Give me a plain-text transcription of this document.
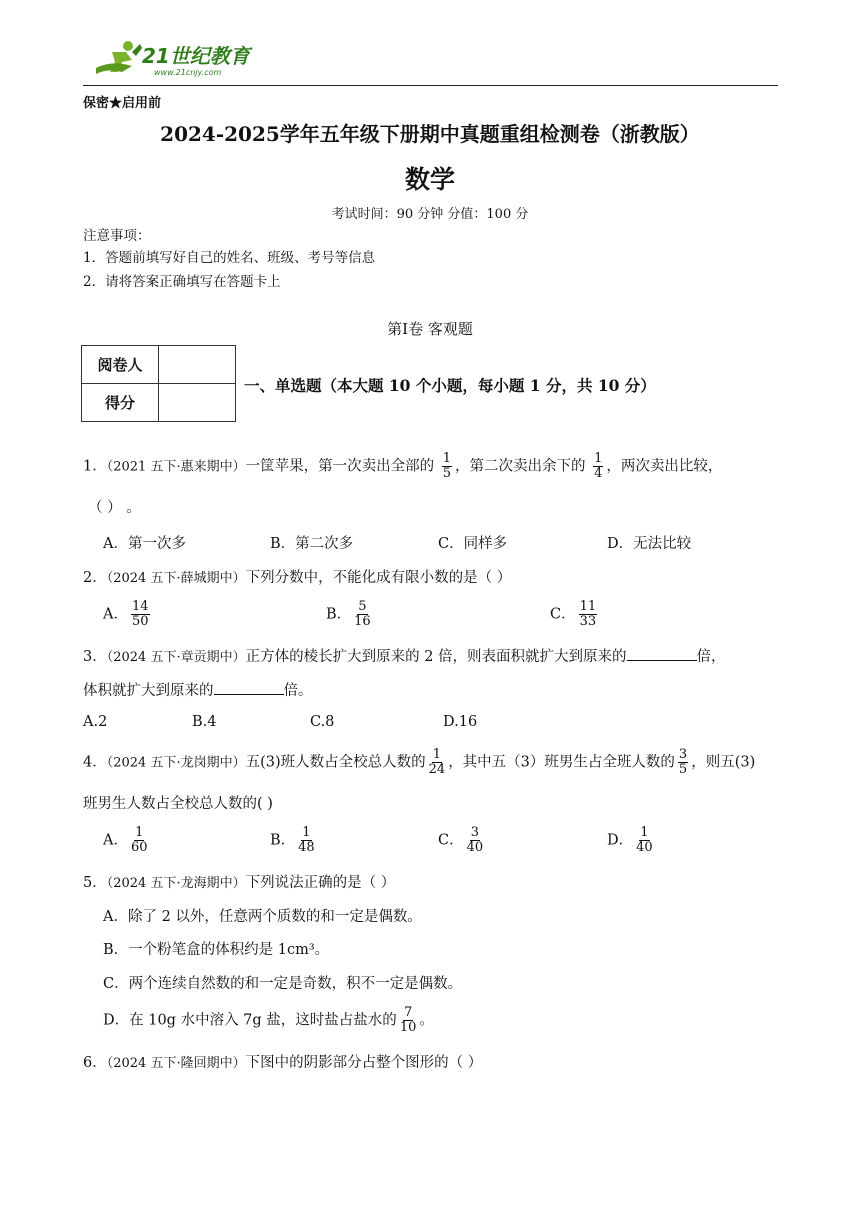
21世纪教育
www.21cnjy.com
保密★启用前
2024-2025学年五年级下册期中真题重组检测卷（浙教版）
数学
考试时间：90 分钟 分值：100 分
注意事项：
1．答题前填写好自己的姓名、班级、考号等信息
2．请将答案正确填写在答题卡上
第Ⅰ卷 客观题
阅卷人	
得分	
一、单选题（本大题 10 个小题，每小题 1 分，共 10 分）
1．（2021 五下·惠来期中）一筐苹果，第一次卖出全部的 $\frac{1}{5}$ ，第二次卖出余下的 $\frac{1}{4}$ ，两次卖出比较，
（ ） 。
A．第一次多	B．第二次多	C．同样多	D．无法比较
2．（2024 五下·薛城期中）下列分数中，不能化成有限小数的是（ ）
A． $\frac{14}{50}$	B． $\frac{5}{16}$	C． $\frac{11}{33}$
3．（2024 五下·章贡期中）正方体的棱长扩大到原来的 2 倍，则表面积就扩大到原来的	倍，
体积就扩大到原来的	倍。
A.2	B.4	C.8	D.16
4．（2024 五下·龙岗期中）五(3)班人数占全校总人数的 $\frac{1}{24}$ ，其中五（3）班男生占全班人数的 $\frac{3}{5}$ ，则五(3)
班男生人数占全校总人数的( )
A． $\frac{1}{60}$	B． $\frac{1}{48}$	C． $\frac{3}{40}$	D． $\frac{1}{40}$
5．（2024 五下·龙海期中）下列说法正确的是（ ）
A．除了 2 以外，任意两个质数的和一定是偶数。
B．一个粉笔盒的体积约是 1cm³。
C．两个连续自然数的和一定是奇数，积不一定是偶数。
D．在 10g 水中溶入 7g 盐，这时盐占盐水的 $\frac{7}{10}$ 。
6．（2024 五下·隆回期中）下图中的阴影部分占整个图形的（ ）
